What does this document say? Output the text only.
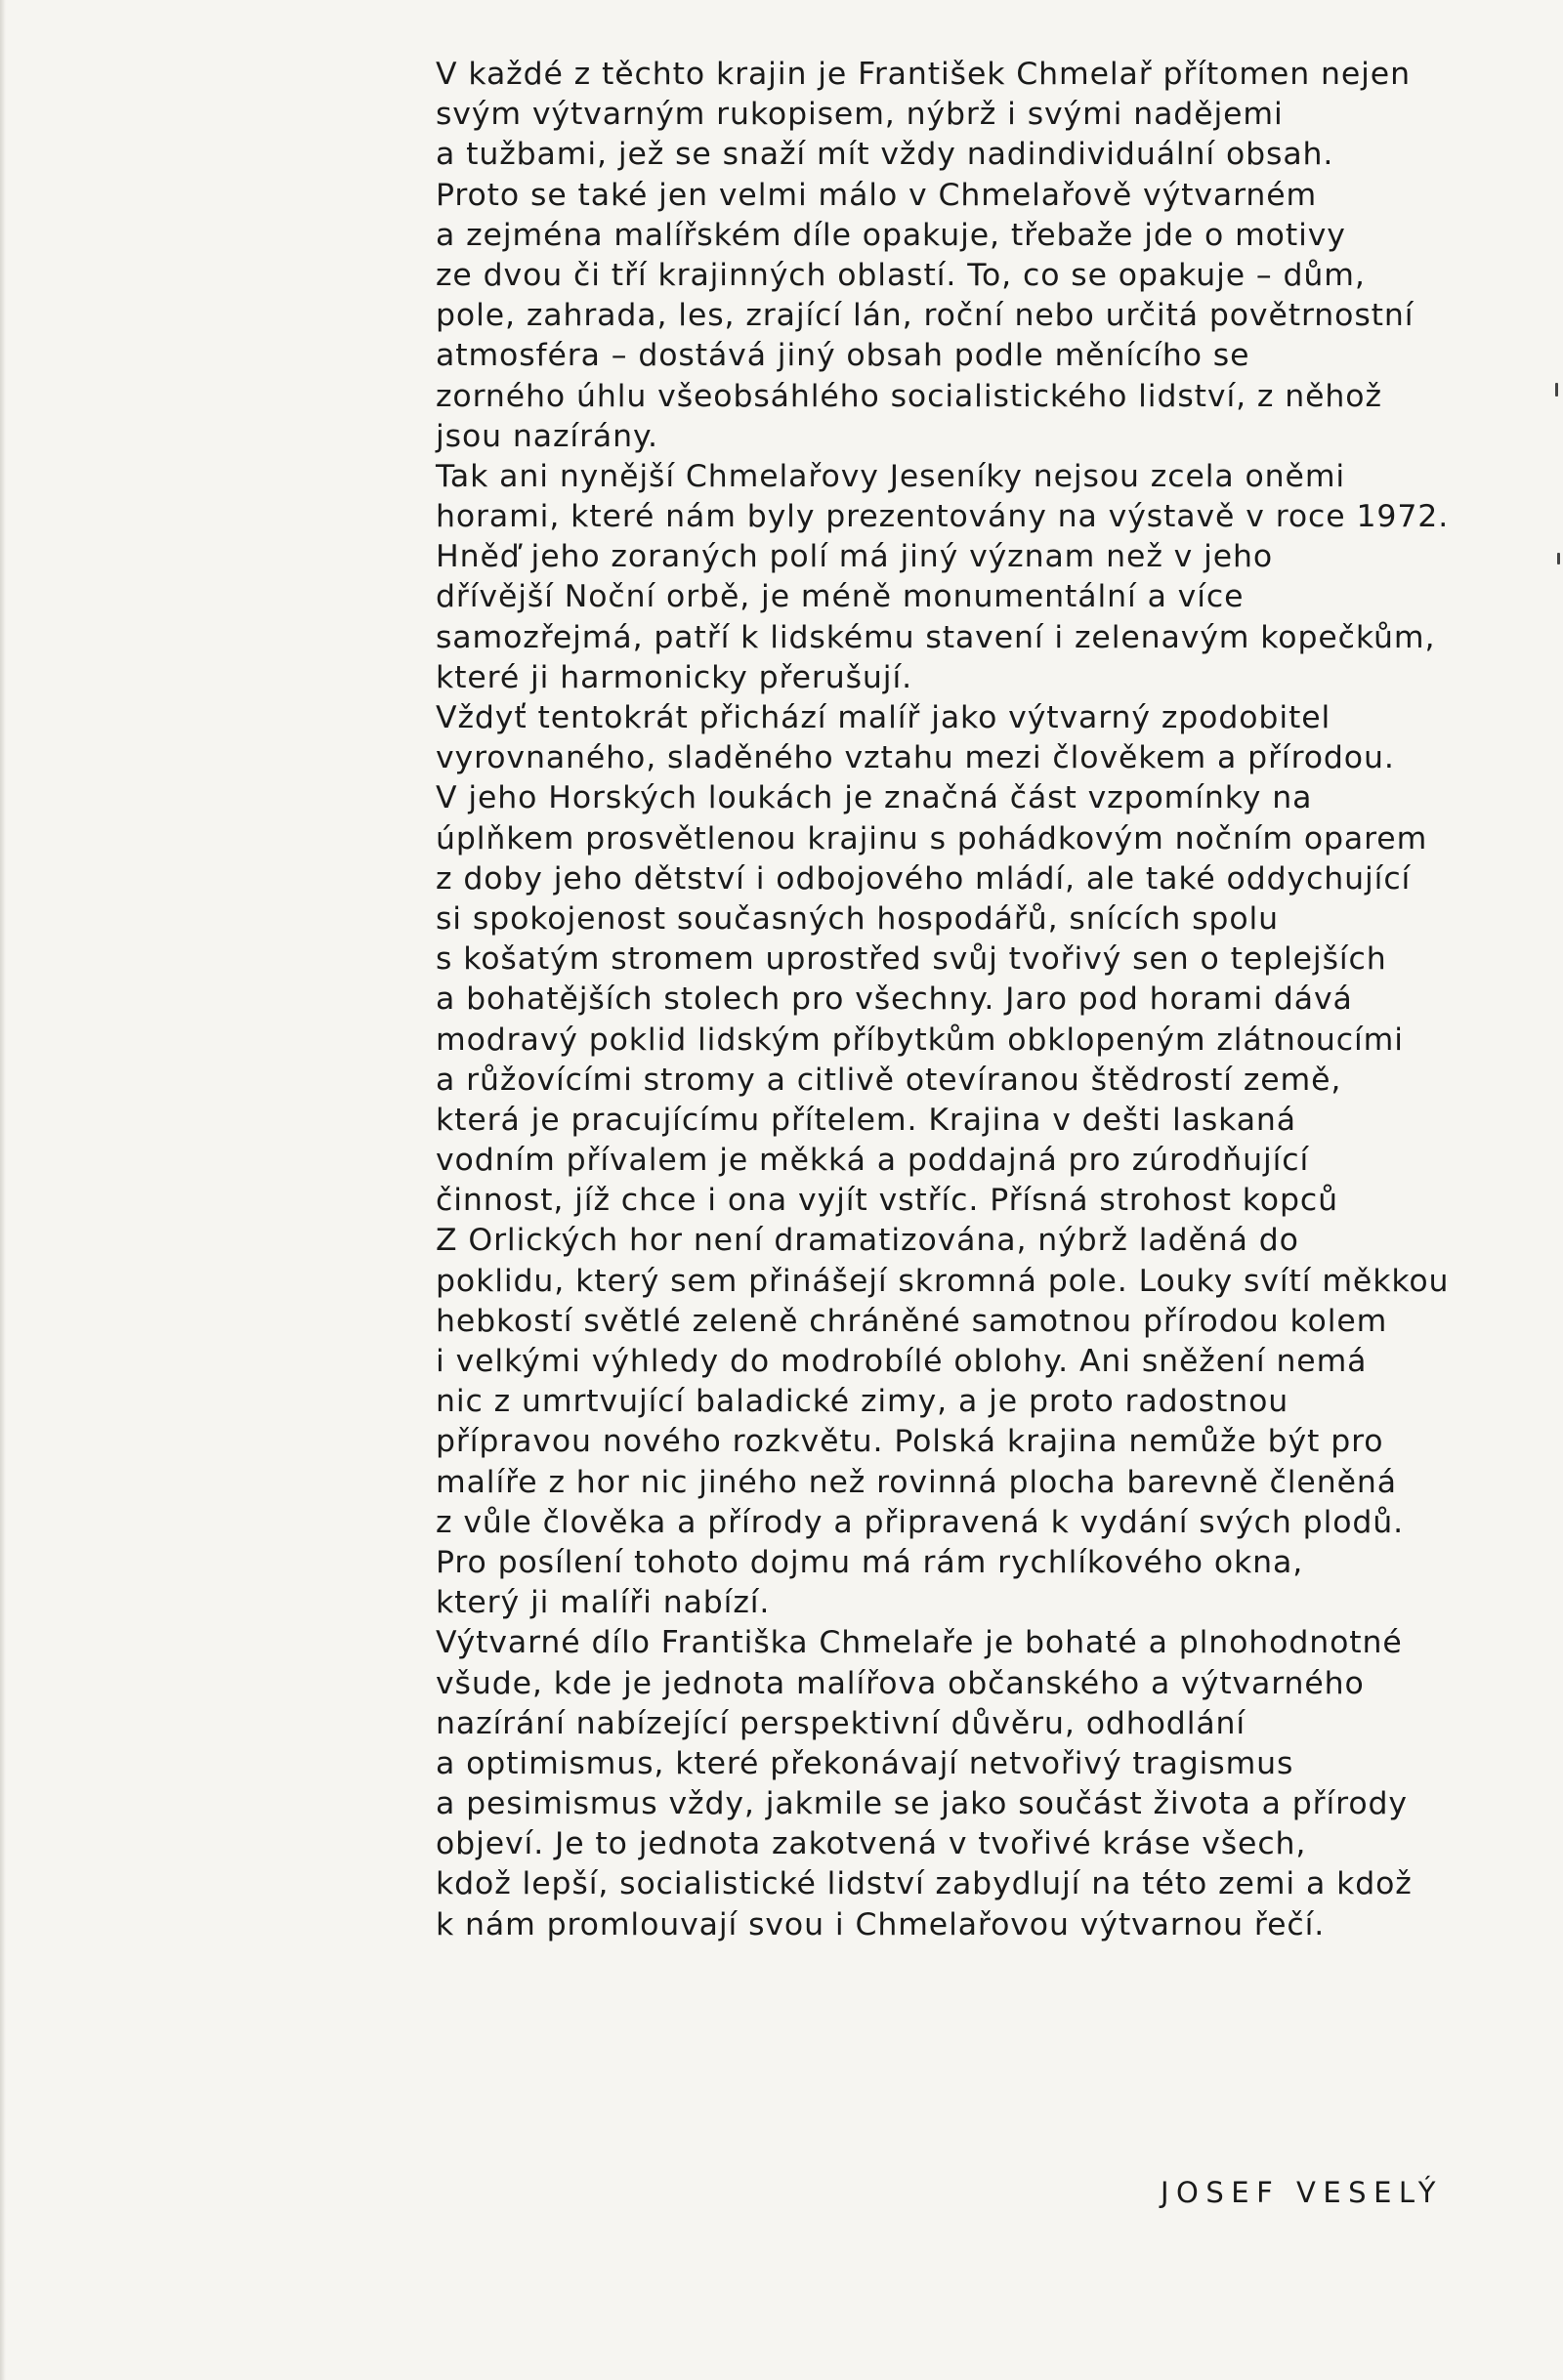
V každé z těchto krajin je František Chmelař přítomen nejen
svým výtvarným rukopisem, nýbrž i svými nadějemi
a tužbami, jež se snaží mít vždy nadindividuální obsah.
Proto se také jen velmi málo v Chmelařově výtvarném
a zejména malířském díle opakuje, třebaže jde o motivy
ze dvou či tří krajinných oblastí. To, co se opakuje – dům,
pole, zahrada, les, zrající lán, roční nebo určitá povětrnostní
atmosféra – dostává jiný obsah podle měnícího se
zorného úhlu všeobsáhlého socialistického lidství, z něhož
jsou nazírány.
Tak ani nynější Chmelařovy Jeseníky nejsou zcela oněmi
horami, které nám byly prezentovány na výstavě v roce 1972.
Hněď jeho zoraných polí má jiný význam než v jeho
dřívější Noční orbě, je méně monumentální a více
samozřejmá, patří k lidskému stavení i zelenavým kopečkům,
které ji harmonicky přerušují.
Vždyť tentokrát přichází malíř jako výtvarný zpodobitel
vyrovnaného, sladěného vztahu mezi člověkem a přírodou.
V jeho Horských loukách je značná část vzpomínky na
úplňkem prosvětlenou krajinu s pohádkovým nočním oparem
z doby jeho dětství i odbojového mládí, ale také oddychující
si spokojenost současných hospodářů, snících spolu
s košatým stromem uprostřed svůj tvořivý sen o teplejších
a bohatějších stolech pro všechny. Jaro pod horami dává
modravý poklid lidským příbytkům obklopeným zlátnoucími
a růžovícími stromy a citlivě otevíranou štědrostí země,
která je pracujícímu přítelem. Krajina v dešti laskaná
vodním přívalem je měkká a poddajná pro zúrodňující
činnost, jíž chce i ona vyjít vstříc. Přísná strohost kopců
Z Orlických hor není dramatizována, nýbrž laděná do
poklidu, který sem přinášejí skromná pole. Louky svítí měkkou
hebkostí světlé zeleně chráněné samotnou přírodou kolem
i velkými výhledy do modrobílé oblohy. Ani sněžení nemá
nic z umrtvující baladické zimy, a je proto radostnou
přípravou nového rozkvětu. Polská krajina nemůže být pro
malíře z hor nic jiného než rovinná plocha barevně členěná
z vůle člověka a přírody a připravená k vydání svých plodů.
Pro posílení tohoto dojmu má rám rychlíkového okna,
který ji malíři nabízí.
Výtvarné dílo Františka Chmelaře je bohaté a plnohodnotné
všude, kde je jednota malířova občanského a výtvarného
nazírání nabízející perspektivní důvěru, odhodlání
a optimismus, které překonávají netvořivý tragismus
a pesimismus vždy, jakmile se jako součást života a přírody
objeví. Je to jednota zakotvená v tvořivé kráse všech,
kdož lepší, socialistické lidství zabydlují na této zemi a kdož
k nám promlouvají svou i Chmelařovou výtvarnou řečí.
JOSEF VESELÝ
